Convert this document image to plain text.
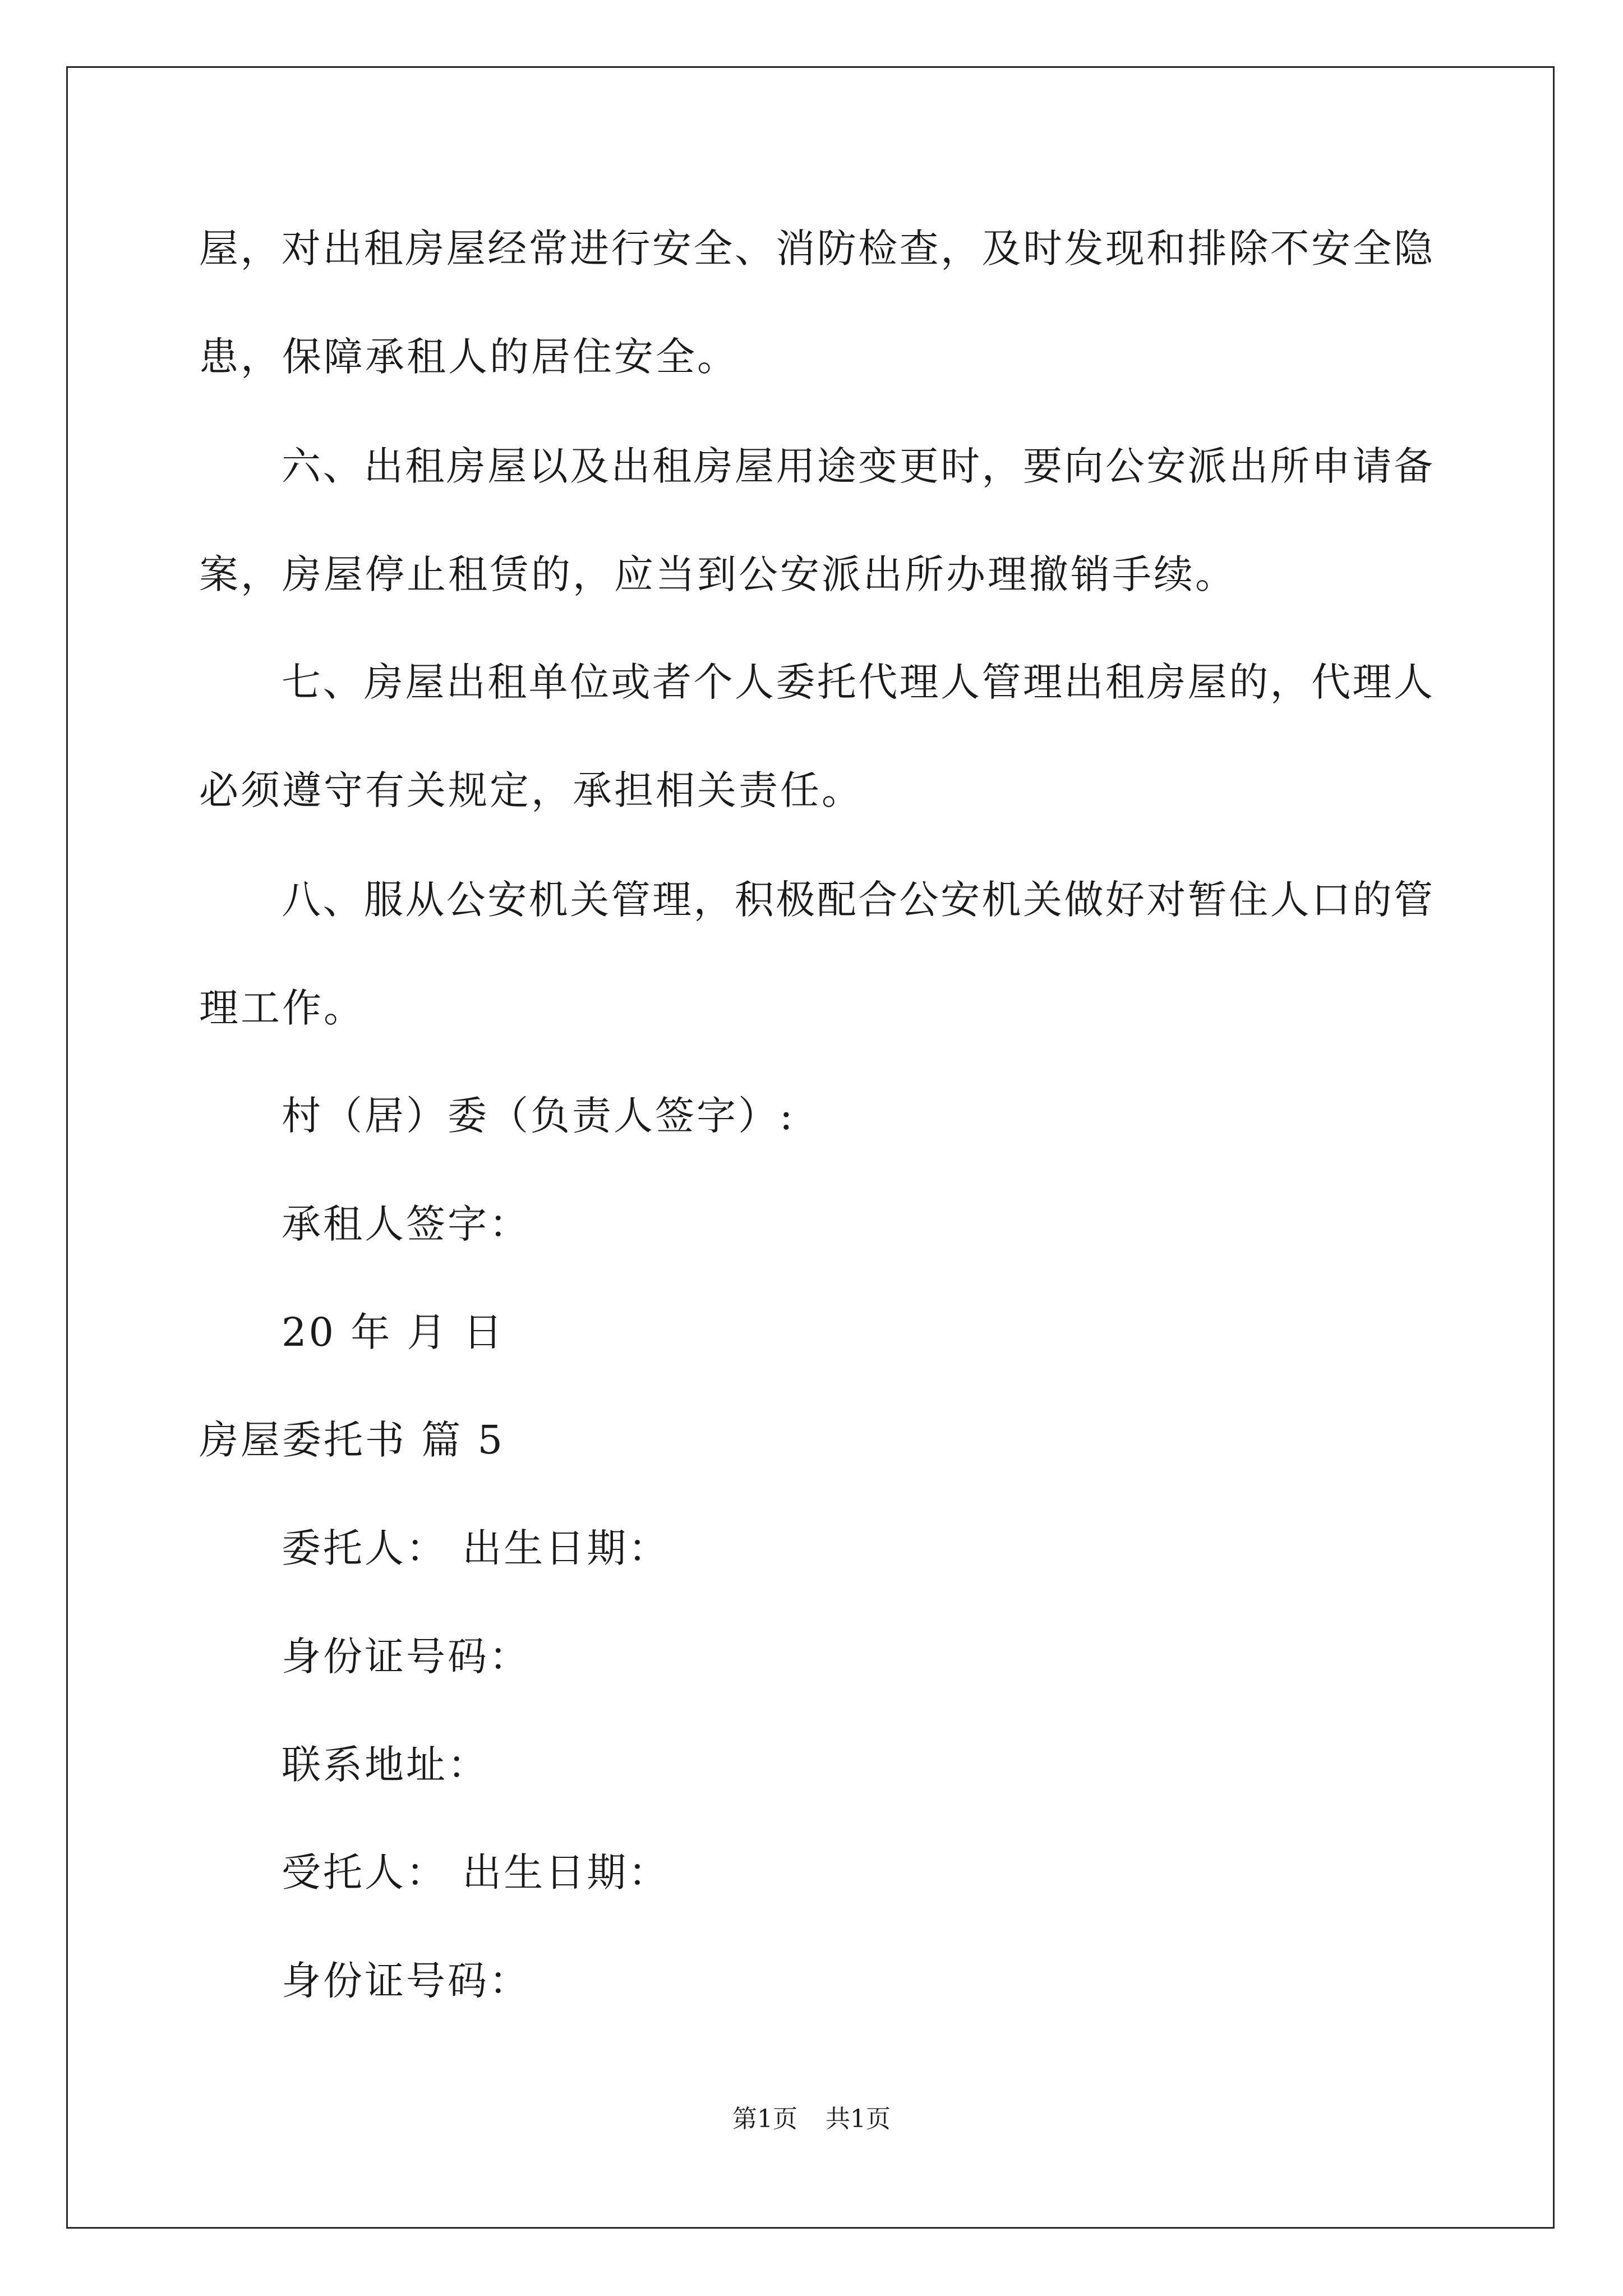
屋，对出租房屋经常进行安全、消防检查，及时发现和排除不安全隐
患，保障承租人的居住安全。
六、出租房屋以及出租房屋用途变更时，要向公安派出所申请备
案，房屋停止租赁的，应当到公安派出所办理撤销手续。
七、房屋出租单位或者个人委托代理人管理出租房屋的，代理人
必须遵守有关规定，承担相关责任。
八、服从公安机关管理，积极配合公安机关做好对暂住人口的管
理工作。
村（居）委（负责人签字）:
承租人签字：
20 年 月 日
房屋委托书 篇 5
委托人： 出生日期：
身份证号码：
联系地址：
受托人： 出生日期：
身份证号码：
第1页 共1页
